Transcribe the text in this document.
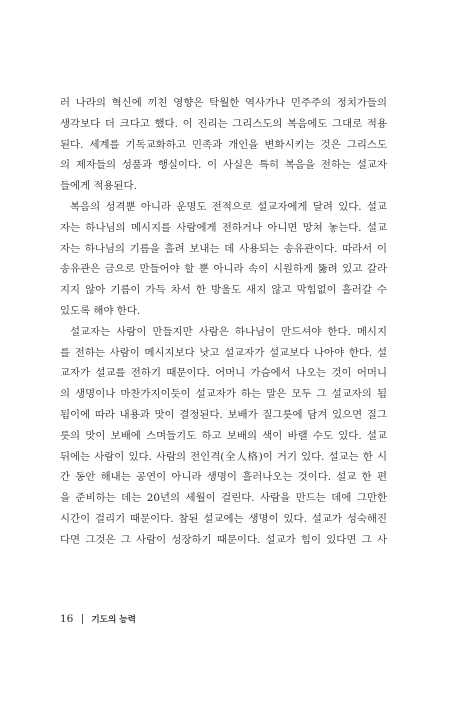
러 나라의 혁신에 끼친 영향은 탁월한 역사가나 민주주의 정치가들의
생각보다 더 크다고 했다. 이 진리는 그리스도의 복음에도 그대로 적용
된다. 세계를 기독교화하고 민족과 개인을 변화시키는 것은 그리스도
의 제자들의 성품과 행실이다. 이 사실은 특히 복음을 전하는 설교자
들에게 적용된다.
복음의 성격뿐 아니라 운명도 전적으로 설교자에게 달려 있다. 설교
자는 하나님의 메시지를 사람에게 전하거나 아니면 망쳐 놓는다. 설교
자는 하나님의 기름을 흘려 보내는 데 사용되는 송유관이다. 따라서 이
송유관은 금으로 만들어야 할 뿐 아니라 속이 시원하게 뚫려 있고 갈라
지지 않아 기름이 가득 차서 한 방울도 새지 않고 막힘없이 흘러갈 수
있도록 해야 한다.
설교자는 사람이 만들지만 사람은 하나님이 만드셔야 한다. 메시지
를 전하는 사람이 메시지보다 낫고 설교자가 설교보다 나아야 한다. 설
교자가 설교를 전하기 때문이다. 어머니 가슴에서 나오는 것이 어머니
의 생명이나 마찬가지이듯이 설교자가 하는 말은 모두 그 설교자의 됨
됨이에 따라 내용과 맛이 결정된다. 보배가 질그릇에 담겨 있으면 질그
릇의 맛이 보배에 스며들기도 하고 보배의 색이 바랠 수도 있다. 설교
뒤에는 사람이 있다. 사람의 전인격(全人格)이 거기 있다. 설교는 한 시
간 동안 해내는 공연이 아니라 생명이 흘러나오는 것이다. 설교 한 편
을 준비하는 데는 20년의 세월이 걸린다. 사람을 만드는 데에 그만한
시간이 걸리기 때문이다. 참된 설교에는 생명이 있다. 설교가 성숙해진
다면 그것은 그 사람이 성장하기 때문이다. 설교가 힘이 있다면 그 사
16 기도의 능력
